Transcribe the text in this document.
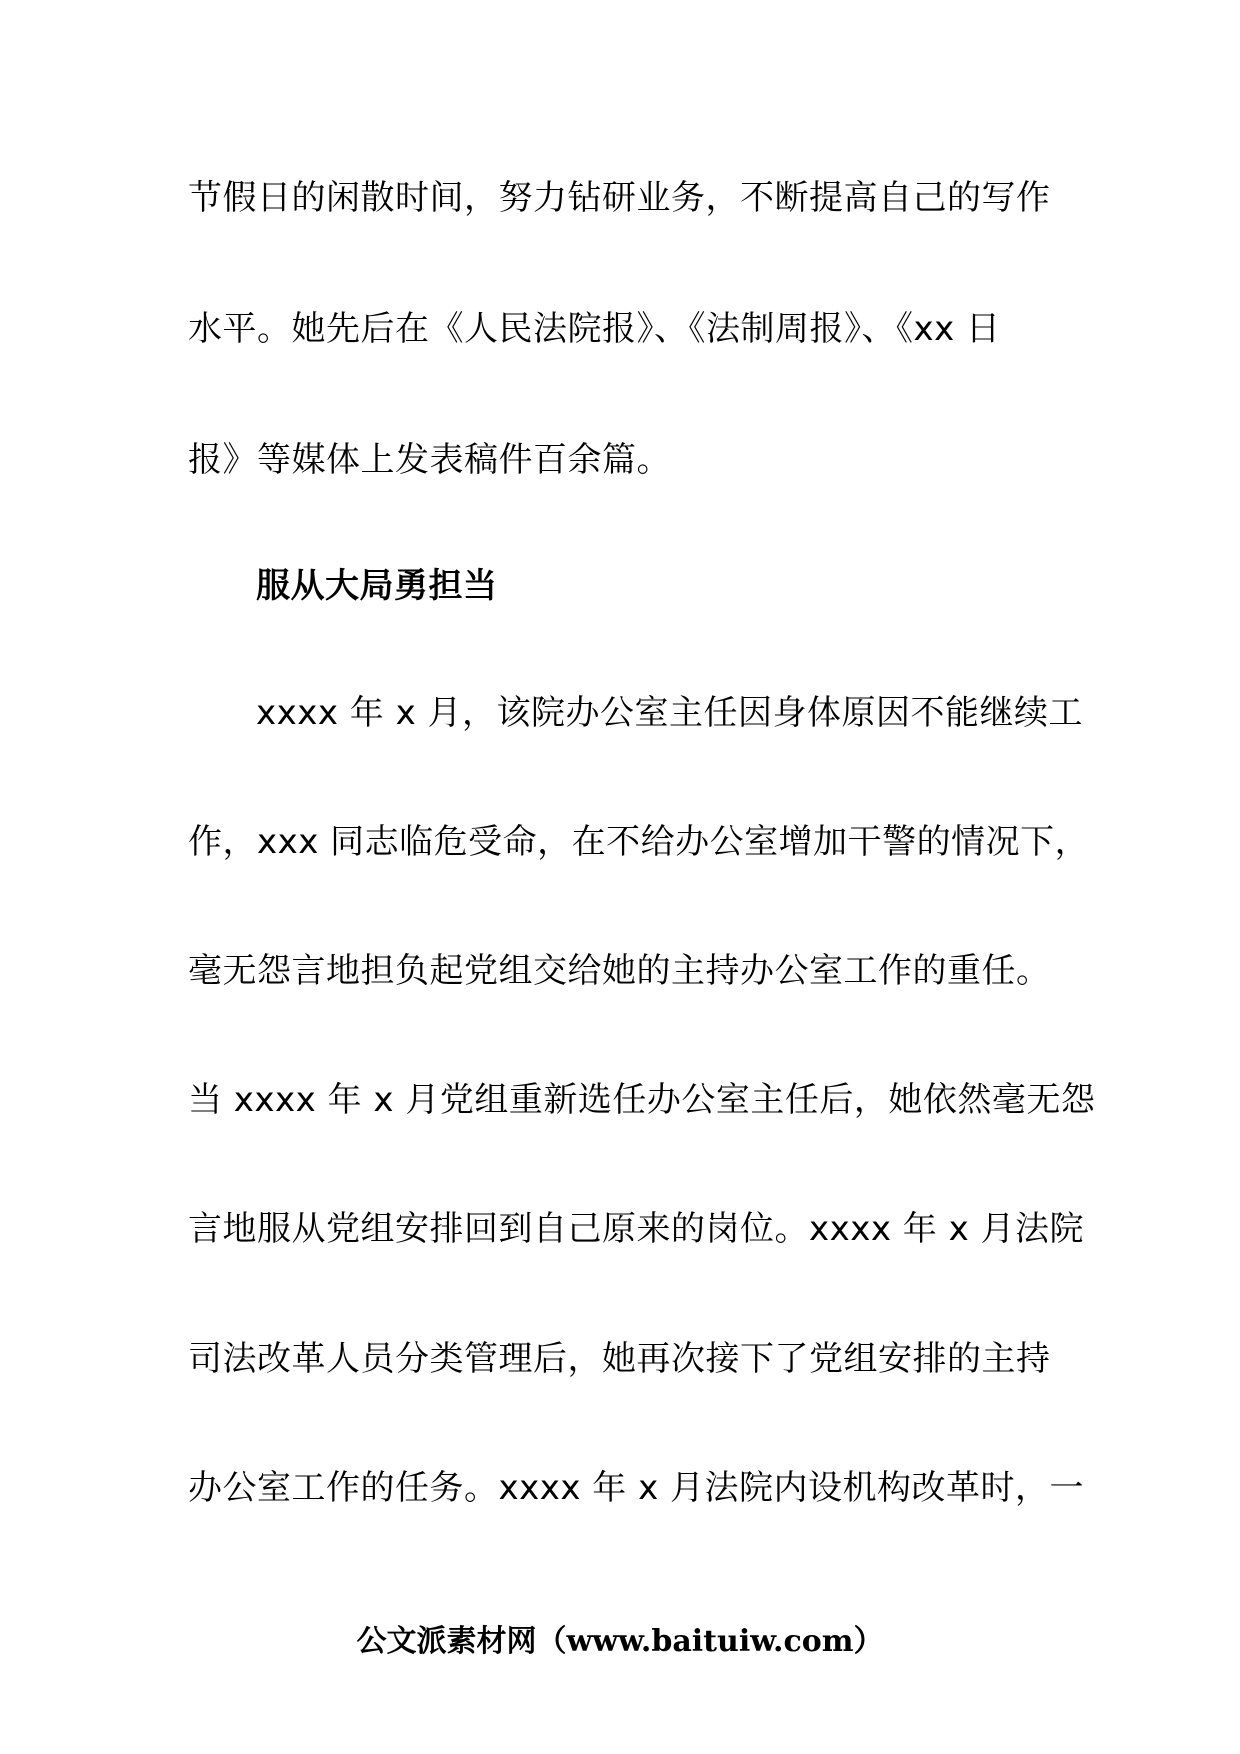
节假日的闲散时间，努力钻研业务，不断提高自己的写作
水平。她先后在《人民法院报》、《法制周报》、《xx 日
报》等媒体上发表稿件百余篇。
服从大局勇担当
xxxx 年 x 月，该院办公室主任因身体原因不能继续工
作，xxx 同志临危受命，在不给办公室增加干警的情况下，
毫无怨言地担负起党组交给她的主持办公室工作的重任。
当 xxxx 年 x 月党组重新选任办公室主任后，她依然毫无怨
言地服从党组安排回到自己原来的岗位。xxxx 年 x 月法院
司法改革人员分类管理后，她再次接下了党组安排的主持
办公室工作的任务。xxxx 年 x 月法院内设机构改革时，一
公文派素材网（www.baituiw.com）
